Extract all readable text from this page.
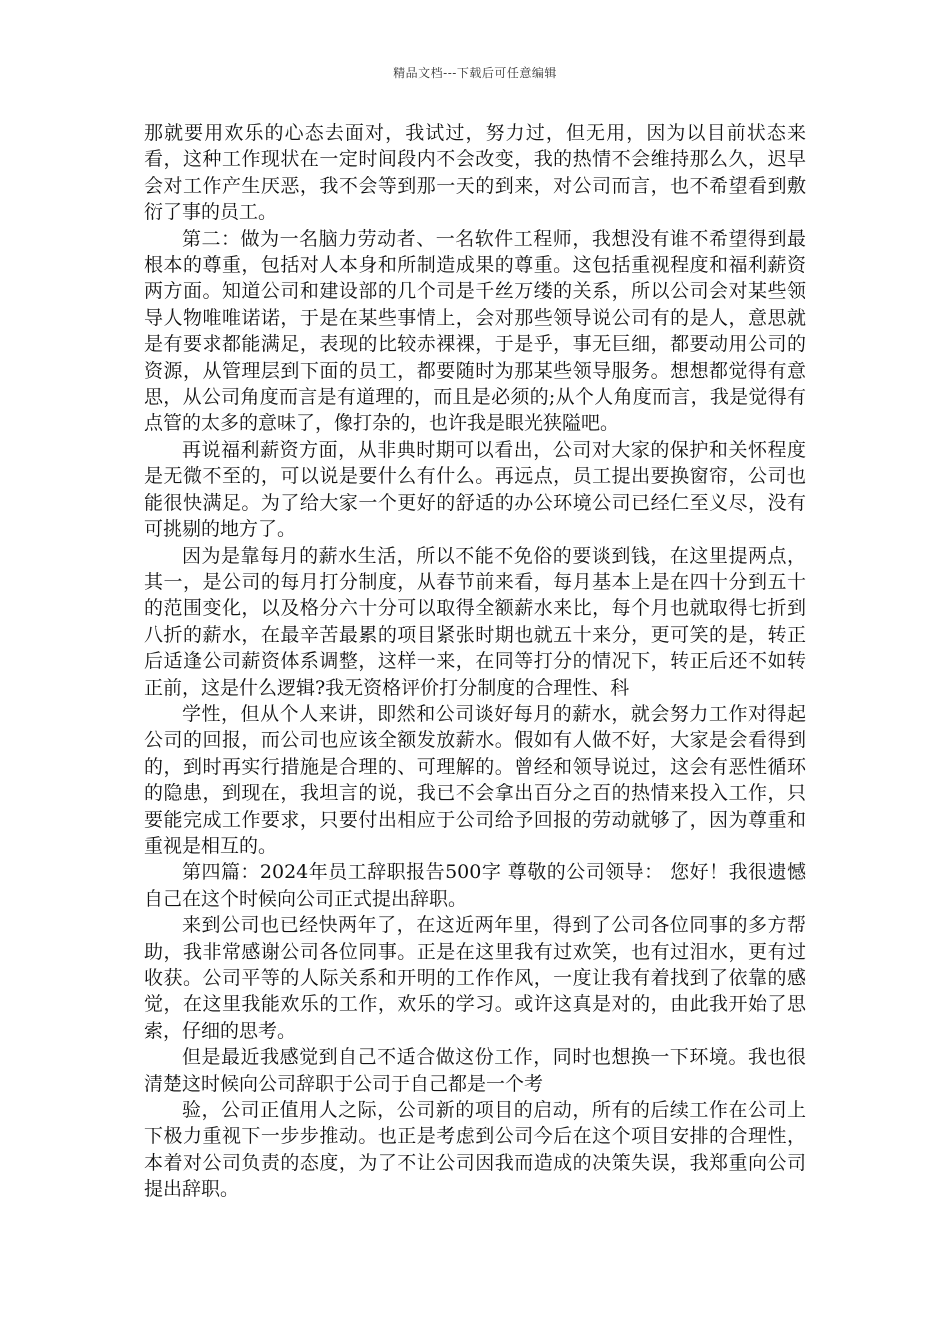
精品文档---下载后可任意编辑

那就要用欢乐的心态去面对，我试过，努力过，但无用，因为以目前状态来看，这种工作现状在一定时间段内不会改变，我的热情不会维持那么久，迟早会对工作产生厌恶，我不会等到那一天的到来，对公司而言，也不希望看到敷衍了事的员工。

第二：做为一名脑力劳动者、一名软件工程师，我想没有谁不希望得到最根本的尊重，包括对人本身和所制造成果的尊重。这包括重视程度和福利薪资两方面。知道公司和建设部的几个司是千丝万缕的关系，所以公司会对某些领导人物唯唯诺诺，于是在某些事情上，会对那些领导说公司有的是人，意思就是有要求都能满足，表现的比较赤裸裸，于是乎，事无巨细，都要动用公司的资源，从管理层到下面的员工，都要随时为那某些领导服务。想想都觉得有意思，从公司角度而言是有道理的，而且是必须的;从个人角度而言，我是觉得有点管的太多的意味了，像打杂的，也许我是眼光狭隘吧。

再说福利薪资方面，从非典时期可以看出，公司对大家的保护和关怀程度是无微不至的，可以说是要什么有什么。再远点，员工提出要换窗帘，公司也能很快满足。为了给大家一个更好的舒适的办公环境公司已经仁至义尽，没有可挑剔的地方了。

因为是靠每月的薪水生活，所以不能不免俗的要谈到钱，在这里提两点，其一，是公司的每月打分制度，从春节前来看，每月基本上是在四十分到五十的范围变化，以及格分六十分可以取得全额薪水来比，每个月也就取得七折到八折的薪水，在最辛苦最累的项目紧张时期也就五十来分，更可笑的是，转正后适逢公司薪资体系调整，这样一来，在同等打分的情况下，转正后还不如转正前，这是什么逻辑?我无资格评价打分制度的合理性、科

学性，但从个人来讲，即然和公司谈好每月的薪水，就会努力工作对得起公司的回报，而公司也应该全额发放薪水。假如有人做不好，大家是会看得到的，到时再实行措施是合理的、可理解的。曾经和领导说过，这会有恶性循环的隐患，到现在，我坦言的说，我已不会拿出百分之百的热情来投入工作，只要能完成工作要求，只要付出相应于公司给予回报的劳动就够了，因为尊重和重视是相互的。

第四篇：2024年员工辞职报告500字 尊敬的公司领导： 您好！我很遗憾自己在这个时候向公司正式提出辞职。

来到公司也已经快两年了，在这近两年里，得到了公司各位同事的多方帮助，我非常感谢公司各位同事。正是在这里我有过欢笑，也有过泪水，更有过收获。公司平等的人际关系和开明的工作作风，一度让我有着找到了依靠的感觉，在这里我能欢乐的工作，欢乐的学习。或许这真是对的，由此我开始了思索，仔细的思考。

但是最近我感觉到自己不适合做这份工作，同时也想换一下环境。我也很清楚这时候向公司辞职于公司于自己都是一个考

验，公司正值用人之际，公司新的项目的启动，所有的后续工作在公司上下极力重视下一步步推动。也正是考虑到公司今后在这个项目安排的合理性，本着对公司负责的态度，为了不让公司因我而造成的决策失误，我郑重向公司提出辞职。
